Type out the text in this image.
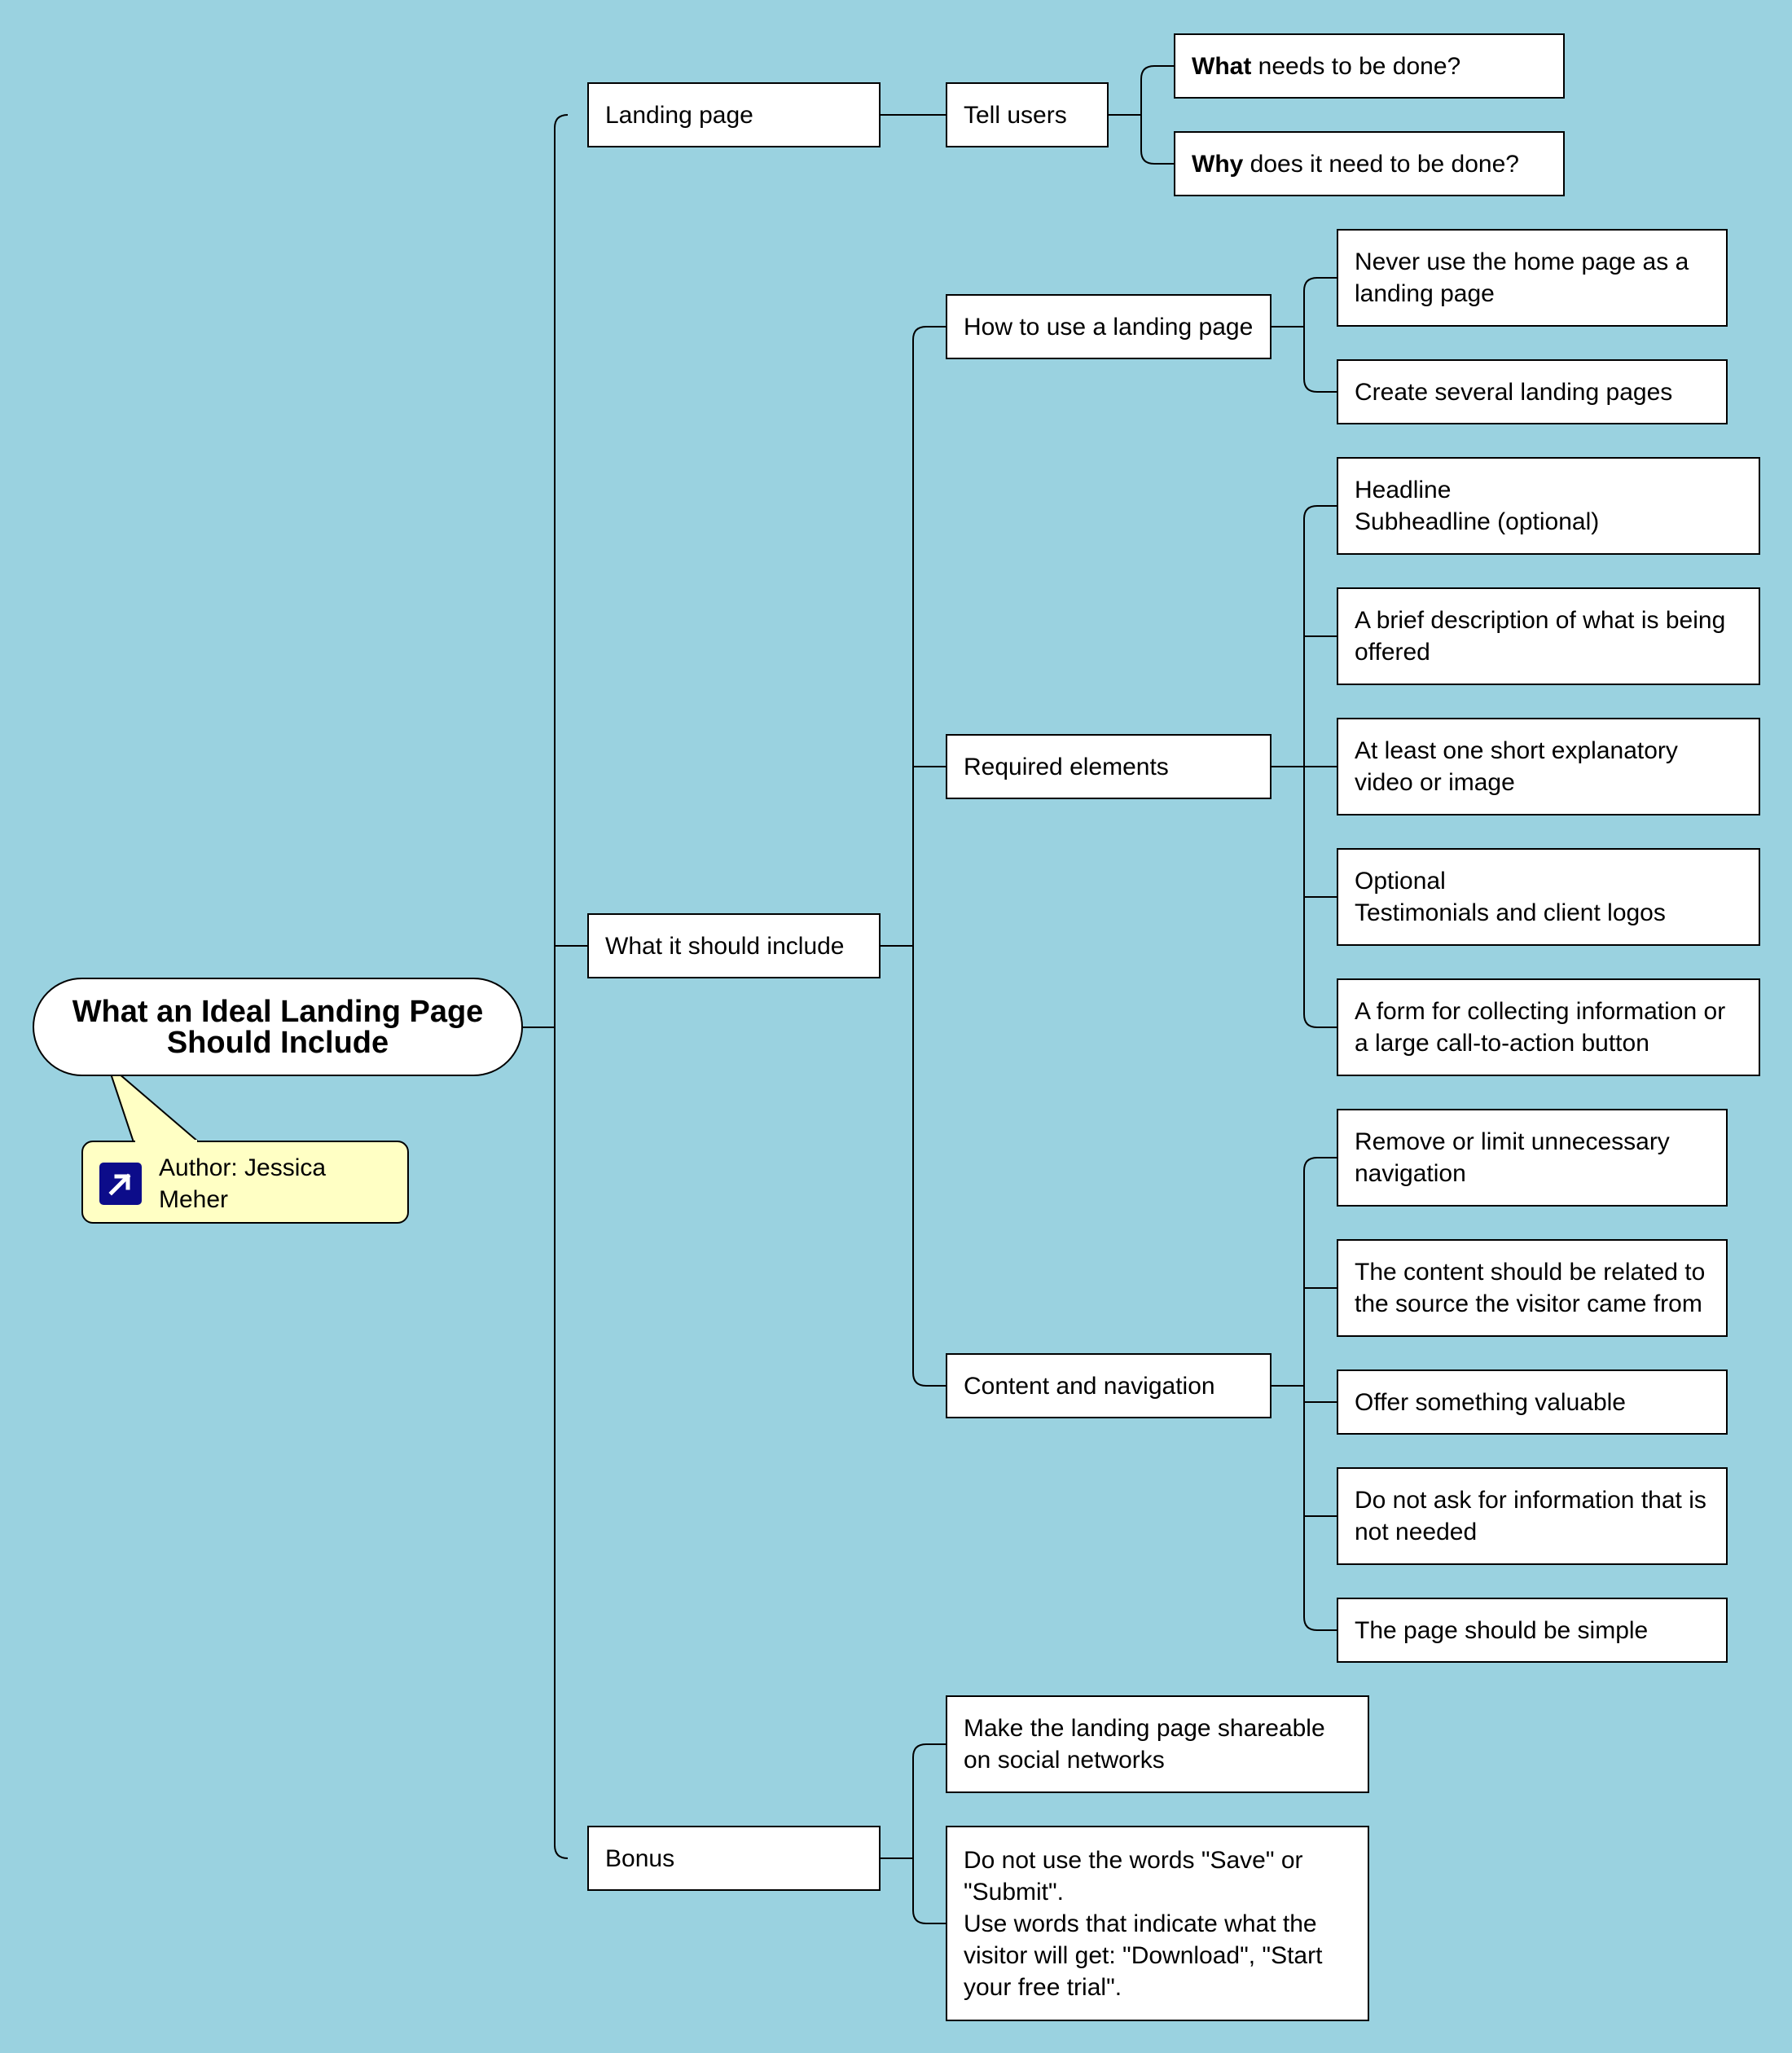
What an Ideal Landing Page Should Include
Author: Jessica Meher
Landing page
What it should include
Bonus
Tell users
What needs to be done?
Why does it need to be done?
How to use a landing page
Required elements
Content and navigation
Never use the home page as a landing page
Create several landing pages
Headline
Subheadline (optional)
A brief description of what is being offered
At least one short explanatory video or image
Optional
Testimonials and client logos
A form for collecting information or a large call-to-action button
Remove or limit unnecessary navigation
The content should be related to the source the visitor came from
Offer something valuable
Do not ask for information that is not needed
The page should be simple
Make the landing page shareable on social networks
Do not use the words "Save" or "Submit".
Use words that indicate what the visitor will get: "Download", "Start your free trial".
